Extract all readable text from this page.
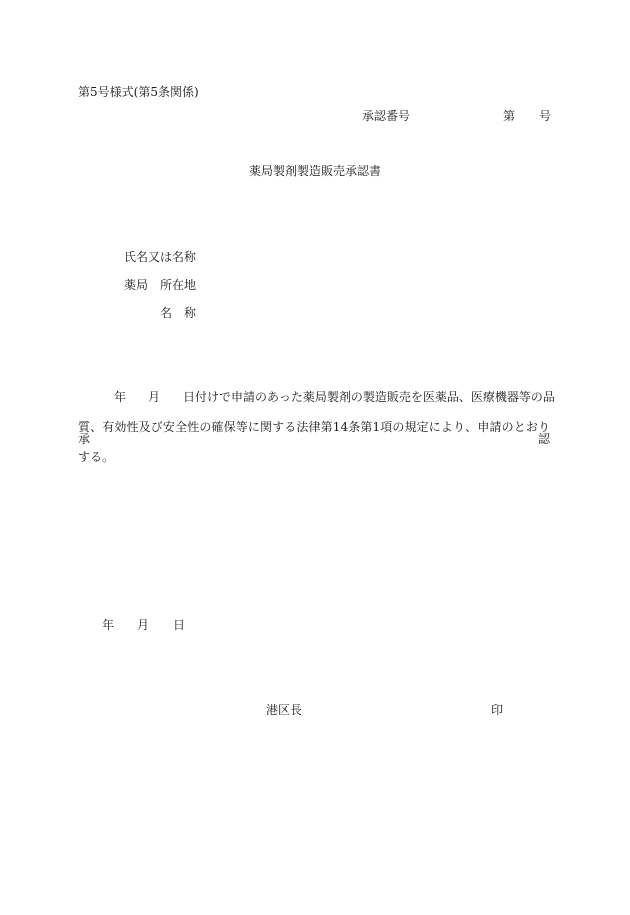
第5号様式(第5条関係)
承認番号	第 号
薬局製剤製造販売承認書
氏名又は名称
薬局 所在地
名　称
年 月 日付けで申請のあった薬局製剤の製造販売を医薬品、医療機器等の品
質、有効性及び安全性の確保等に関する法律第14条第1項の規定により、申請のとおり承認
する。
年 月 日
港区長	印
